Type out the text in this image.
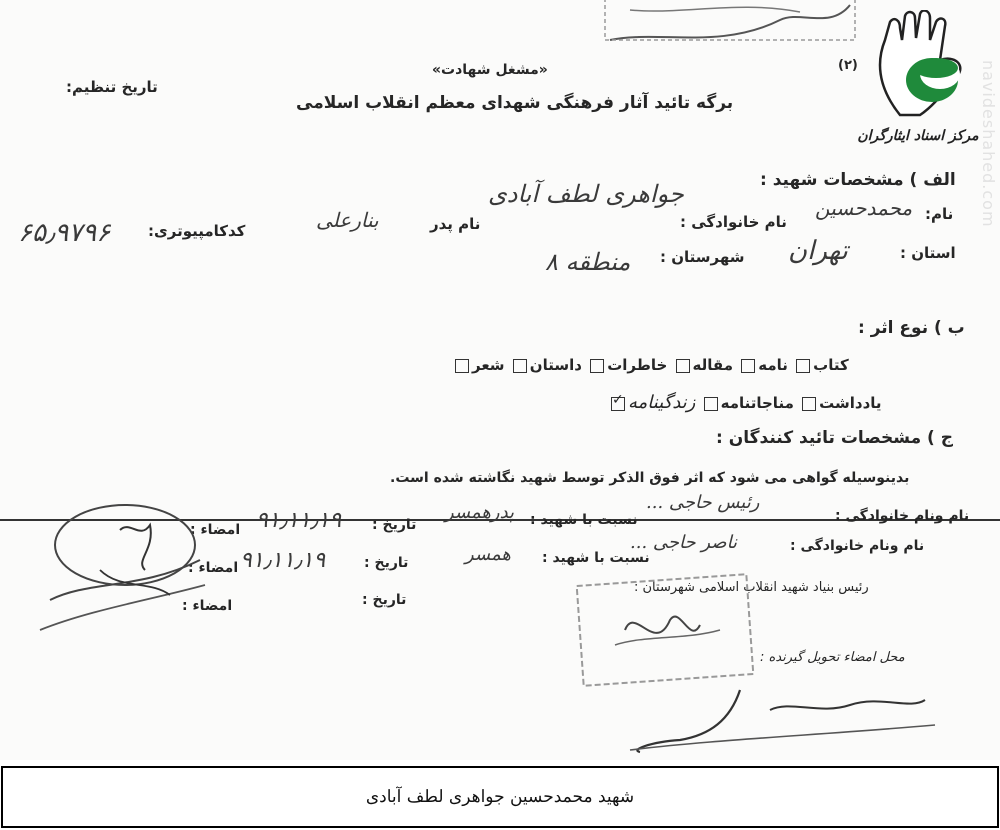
مرکز اسناد ایثارگران navideshahed.com
(۲)
«مشغل شهادت»
برگه تائید آثار فرهنگی شهدای معظم انقلاب اسلامی
تاریخ تنظیم:
الف ) مشخصات شهید :
نام:
محمدحسین
نام خانوادگی :
جواهری لطف آبادی
نام پدر
بنارعلی
کدکامپیوتری:
۶۵٫۹۷۹۶
استان :
تهران
شهرستان :
منطقه ۸
ب ) نوع اثر :
کتاب نامه مقاله خاطرات داستان شعر
یادداشت مناجاتنامه زندگینامه✓
ج ) مشخصات تائید کنندگان :
بدینوسیله گواهی می شود که اثر فوق الذکر توسط شهید نگاشته شده است.
نام ونام خانوادگی :
رئیس حاجی ...
نسبت با شهید :
پدرهمسر
تاریخ :
۹۱٫۱۱٫۱۹
امضاء :
نام ونام خانوادگی :
ناصر حاجی ...
نسبت با شهید :
همسر
تاریخ :
۹۱٫۱۱٫۱۹
امضاء :
تاریخ :
امضاء :
رئیس بنیاد شهید انقلاب اسلامی شهرستان :
محل امضاء تحویل گیرنده :
شهید محمدحسین جواهری لطف آبادی
